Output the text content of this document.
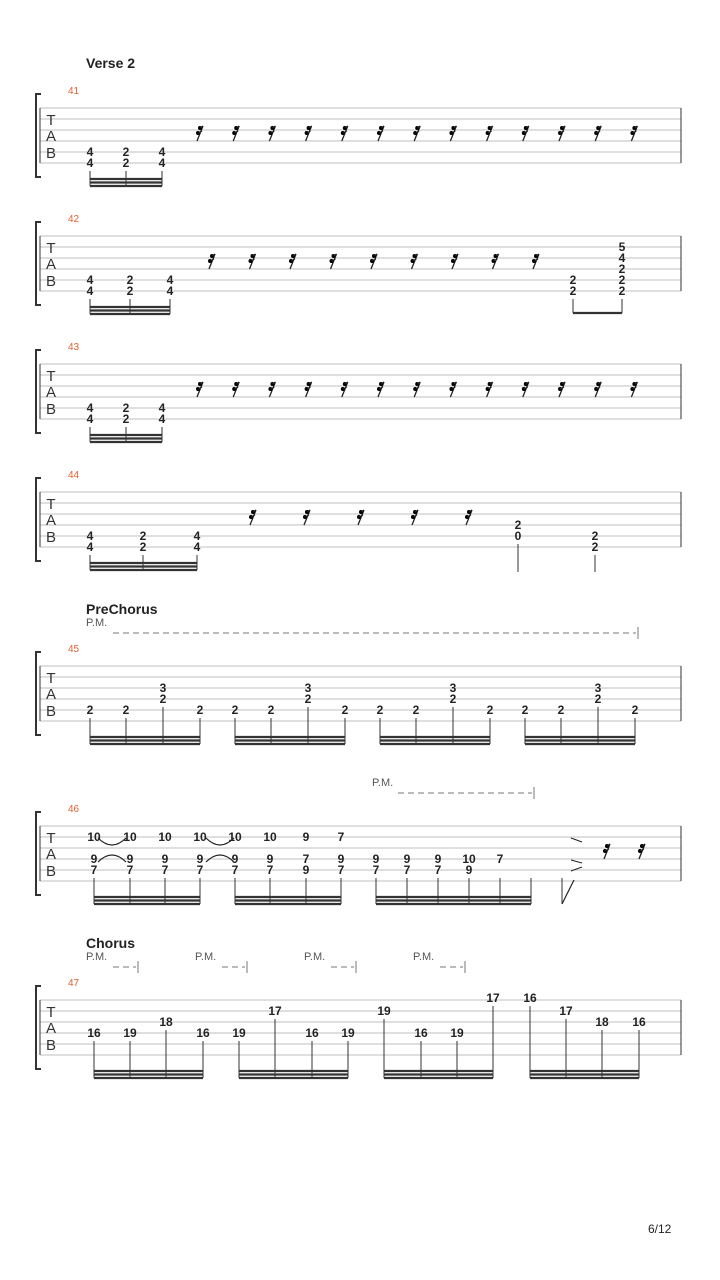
Verse 2
PreChorus
Chorus
P.M.
P.M.
P.M.	P.M.	P.M.	P.M.
41
42
43
44
45
46
47
6/12
T
A
B	4
4
2
2
4
4
T
A
B	4
4
2
2
4
4
2
2
5
4
2
2
2
T
A
B	4
4
2
2
4
4
T
A
B	4
4
2
2
4
4
2
0	2
2
T
A
B	2 2
3
2
2 2 2
3
2
2 2 2
3
2
2 2 2
3
2
2
T
A
B
10
9
7
10
9
7
10
9
7
10
9
7
10
9
7
10
9
7
9
7
9
7
9
7
9
7
9
7
9
7
10
9
7
T
A
B
16 19
18
16 19
17
16 19
19
16 19
17 16
17
18 16
